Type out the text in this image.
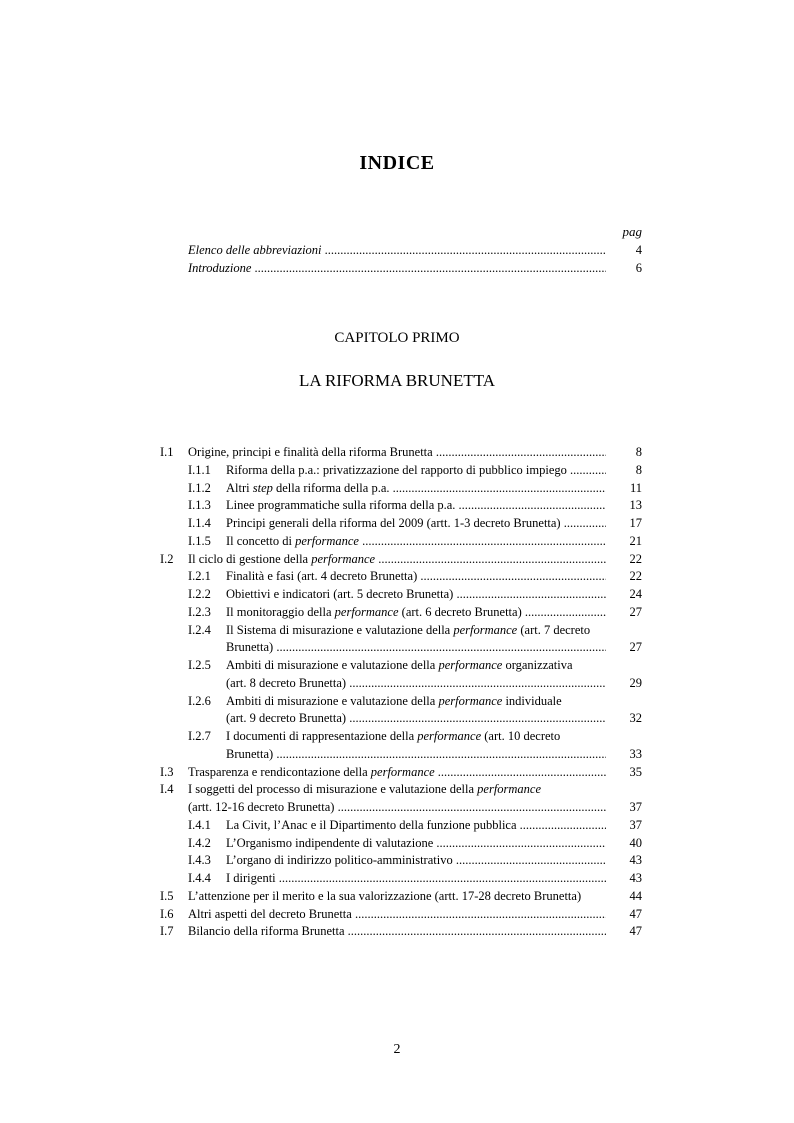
INDICE
pag
Elenco delle abbreviazioni .....	4
Introduzione .....	6
CAPITOLO PRIMO
LA RIFORMA BRUNETTA
I.1 Origine, principi e finalità della riforma Brunetta .....	8
I.1.1 Riforma della p.a.: privatizzazione del rapporto di pubblico impiego .....	8
I.1.2 Altri step della riforma della p.a. .....	11
I.1.3 Linee programmatiche sulla riforma della p.a. .....	13
I.1.4 Principi generali della riforma del 2009 (artt. 1-3 decreto Brunetta) .....	17
I.1.5 Il concetto di performance .....	21
I.2 Il ciclo di gestione della performance .....	22
I.2.1 Finalità e fasi (art. 4 decreto Brunetta) .....	22
I.2.2 Obiettivi e indicatori (art. 5 decreto Brunetta) .....	24
I.2.3 Il monitoraggio della performance (art. 6 decreto Brunetta) .....	27
I.2.4 Il Sistema di misurazione e valutazione della performance (art. 7 decreto
Brunetta) .....	27
I.2.5 Ambiti di misurazione e valutazione della performance organizzativa
(art. 8 decreto Brunetta) .....	29
I.2.6 Ambiti di misurazione e valutazione della performance individuale
(art. 9 decreto Brunetta) .....	32
I.2.7 I documenti di rappresentazione della performance (art. 10 decreto
Brunetta) .....	33
I.3 Trasparenza e rendicontazione della performance .....	35
I.4 I soggetti del processo di misurazione e valutazione della performance
(artt. 12-16 decreto Brunetta) .....	37
I.4.1 La Civit, l’Anac e il Dipartimento della funzione pubblica .....	37
I.4.2 L’Organismo indipendente di valutazione .....	40
I.4.3 L’organo di indirizzo politico-amministrativo .....	43
I.4.4 I dirigenti .....	43
I.5 L’attenzione per il merito e la sua valorizzazione (artt. 17-28 decreto Brunetta)	44
I.6 Altri aspetti del decreto Brunetta .....	47
I.7 Bilancio della riforma Brunetta .....	47
2
